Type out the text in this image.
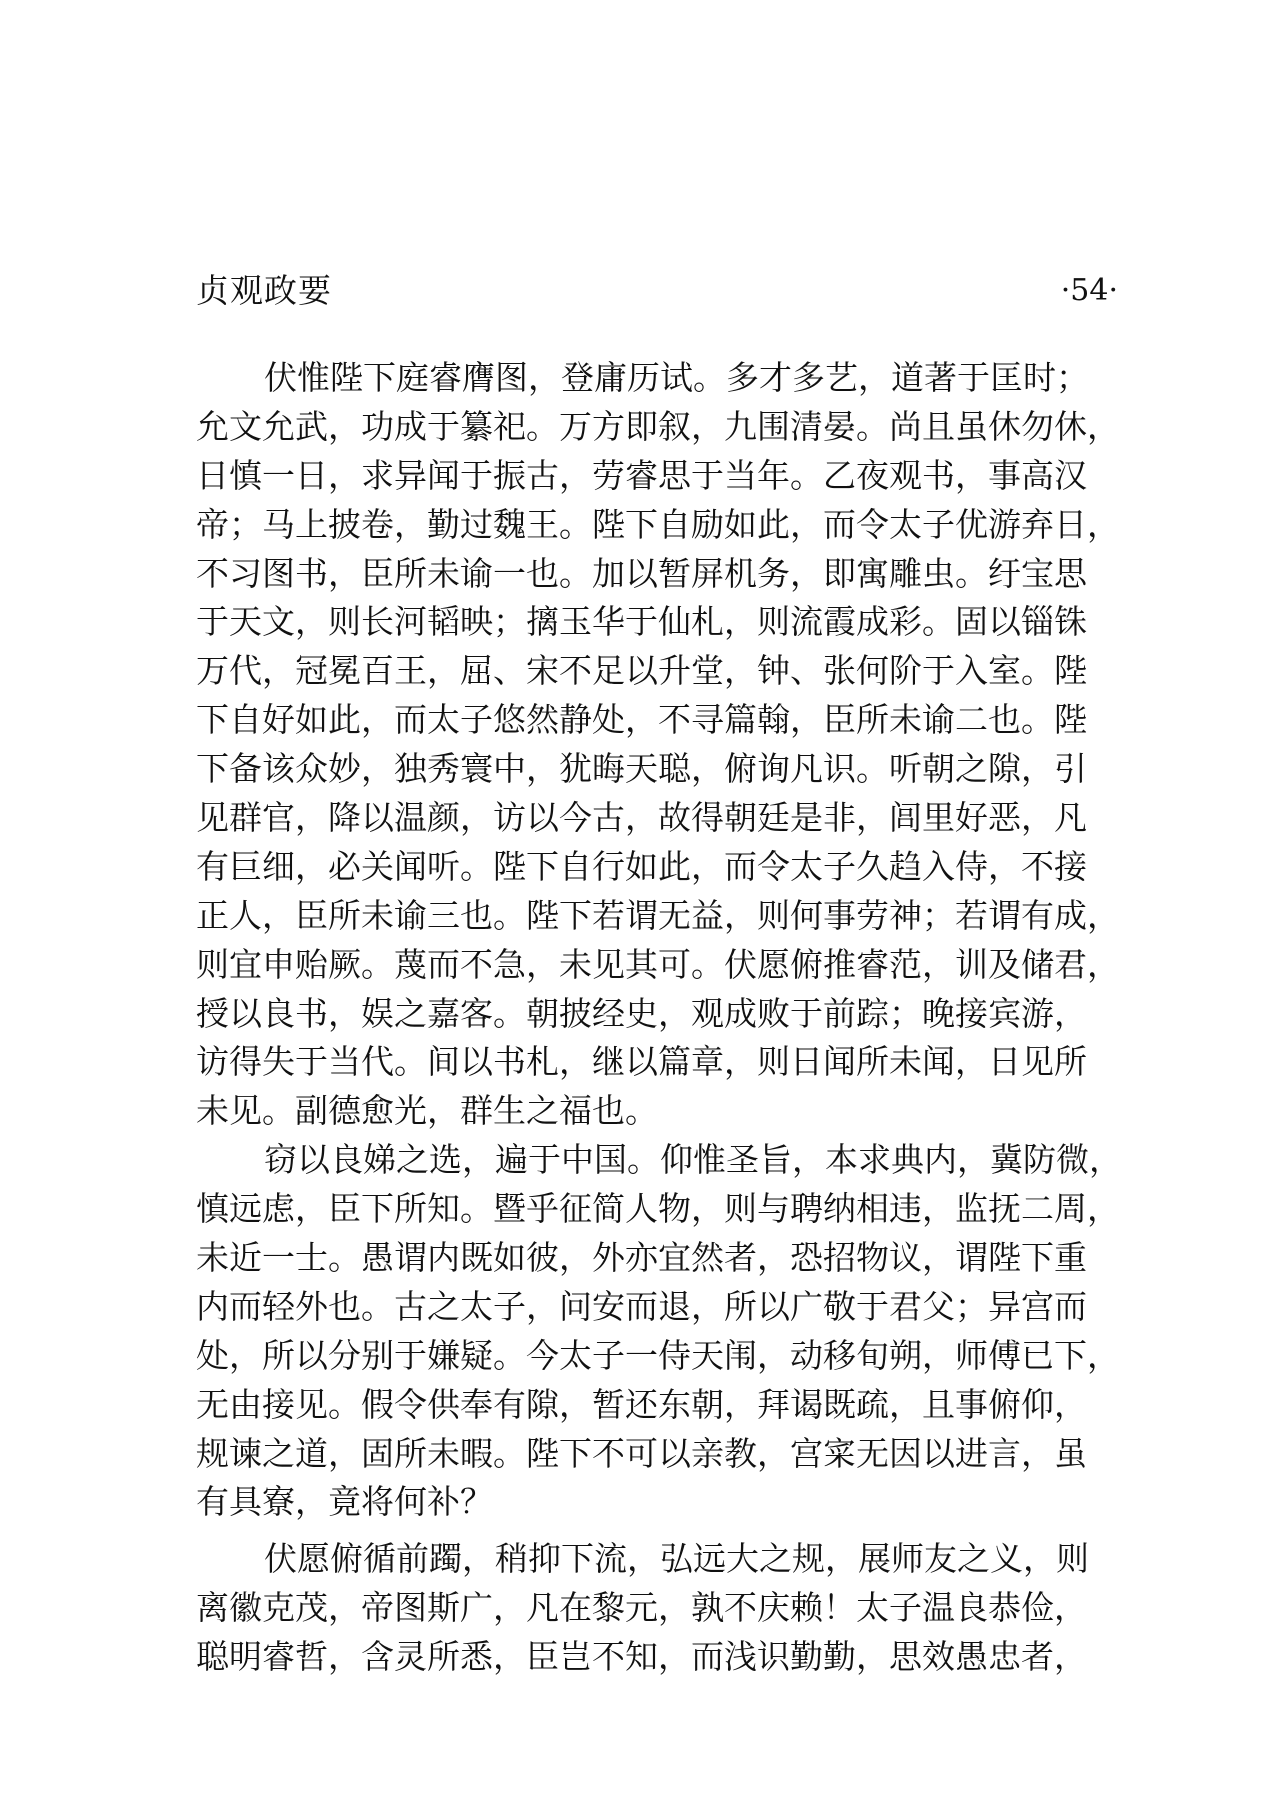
贞观政要	·54·
伏惟陛下庭睿膺图，登庸历试。多才多艺，道著于匡时；
允文允武，功成于纂祀。万方即叙，九围清晏。尚且虽休勿休，
日慎一日，求异闻于振古，劳睿思于当年。乙夜观书，事高汉
帝；马上披卷，勤过魏王。陛下自励如此，而令太子优游弃日，
不习图书，臣所未谕一也。加以暂屏机务，即寓雕虫。纡宝思
于天文，则长河韬映；摛玉华于仙札，则流霞成彩。固以锱铢
万代，冠冕百王，屈、宋不足以升堂，钟、张何阶于入室。陛
下自好如此，而太子悠然静处，不寻篇翰，臣所未谕二也。陛
下备该众妙，独秀寰中，犹晦天聪，俯询凡识。听朝之隙，引
见群官，降以温颜，访以今古，故得朝廷是非，闾里好恶，凡
有巨细，必关闻听。陛下自行如此，而令太子久趋入侍，不接
正人，臣所未谕三也。陛下若谓无益，则何事劳神；若谓有成，
则宜申贻厥。蔑而不急，未见其可。伏愿俯推睿范，训及储君，
授以良书，娱之嘉客。朝披经史，观成败于前踪；晚接宾游，
访得失于当代。间以书札，继以篇章，则日闻所未闻，日见所
未见。副德愈光，群生之福也。
窃以良娣之选，遍于中国。仰惟圣旨，本求典内，冀防微，
慎远虑，臣下所知。暨乎征简人物，则与聘纳相违，监抚二周，
未近一士。愚谓内既如彼，外亦宜然者，恐招物议，谓陛下重
内而轻外也。古之太子，问安而退，所以广敬于君父；异宫而
处，所以分别于嫌疑。今太子一侍天闱，动移旬朔，师傅已下，
无由接见。假令供奉有隙，暂还东朝，拜谒既疏，且事俯仰，
规谏之道，固所未暇。陛下不可以亲教，宫寀无因以进言，虽
有具寮，竟将何补？
伏愿俯循前躅，稍抑下流，弘远大之规，展师友之义，则
离徽克茂，帝图斯广，凡在黎元，孰不庆赖！太子温良恭俭，
聪明睿哲，含灵所悉，臣岂不知，而浅识勤勤，思效愚忠者，
